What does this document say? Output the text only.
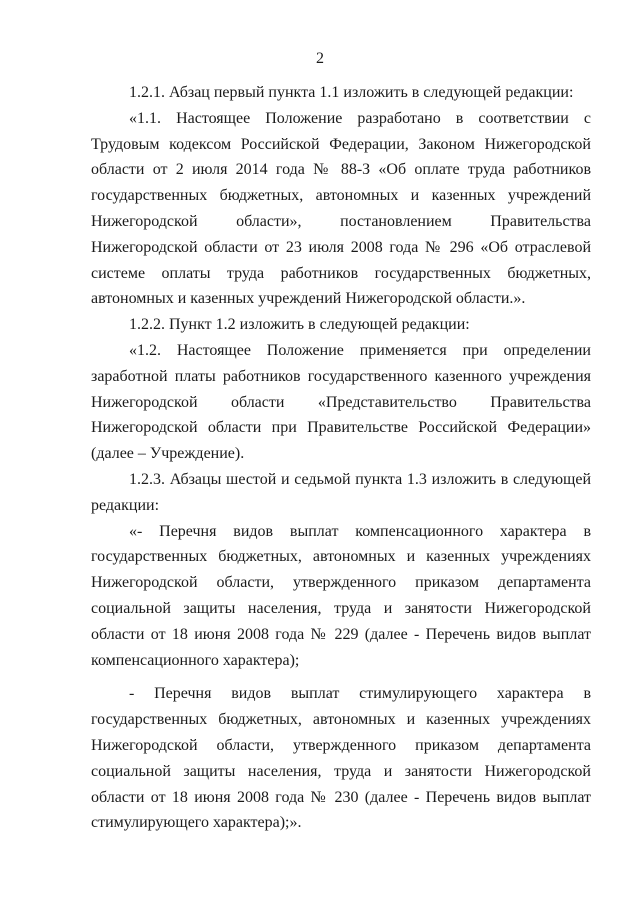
2

1.2.1. Абзац первый пункта 1.1 изложить в следующей редакции:

«1.1. Настоящее Положение разработано в соответствии с Трудовым кодексом Российской Федерации, Законом Нижегородской области от 2 июля 2014 года № 88-З «Об оплате труда работников государственных бюджетных, автономных и казенных учреждений Нижегородской области», постановлением Правительства Нижегородской области от 23 июля 2008 года № 296 «Об отраслевой системе оплаты труда работников государственных бюджетных, автономных и казенных учреждений Нижегородской области.».

1.2.2. Пункт 1.2 изложить в следующей редакции:

«1.2. Настоящее Положение применяется при определении заработной платы работников государственного казенного учреждения Нижегородской области «Представительство Правительства Нижегородской области при Правительстве Российской Федерации» (далее – Учреждение).

1.2.3. Абзацы шестой и седьмой пункта 1.3 изложить в следующей редакции:

«- Перечня видов выплат компенсационного характера в государственных бюджетных, автономных и казенных учреждениях Нижегородской области, утвержденного приказом департамента социальной защиты населения, труда и занятости Нижегородской области от 18 июня 2008 года № 229 (далее - Перечень видов выплат компенсационного характера);

- Перечня видов выплат стимулирующего характера в государственных бюджетных, автономных и казенных учреждениях Нижегородской области, утвержденного приказом департамента социальной защиты населения, труда и занятости Нижегородской области от 18 июня 2008 года № 230 (далее - Перечень видов выплат стимулирующего характера);».
